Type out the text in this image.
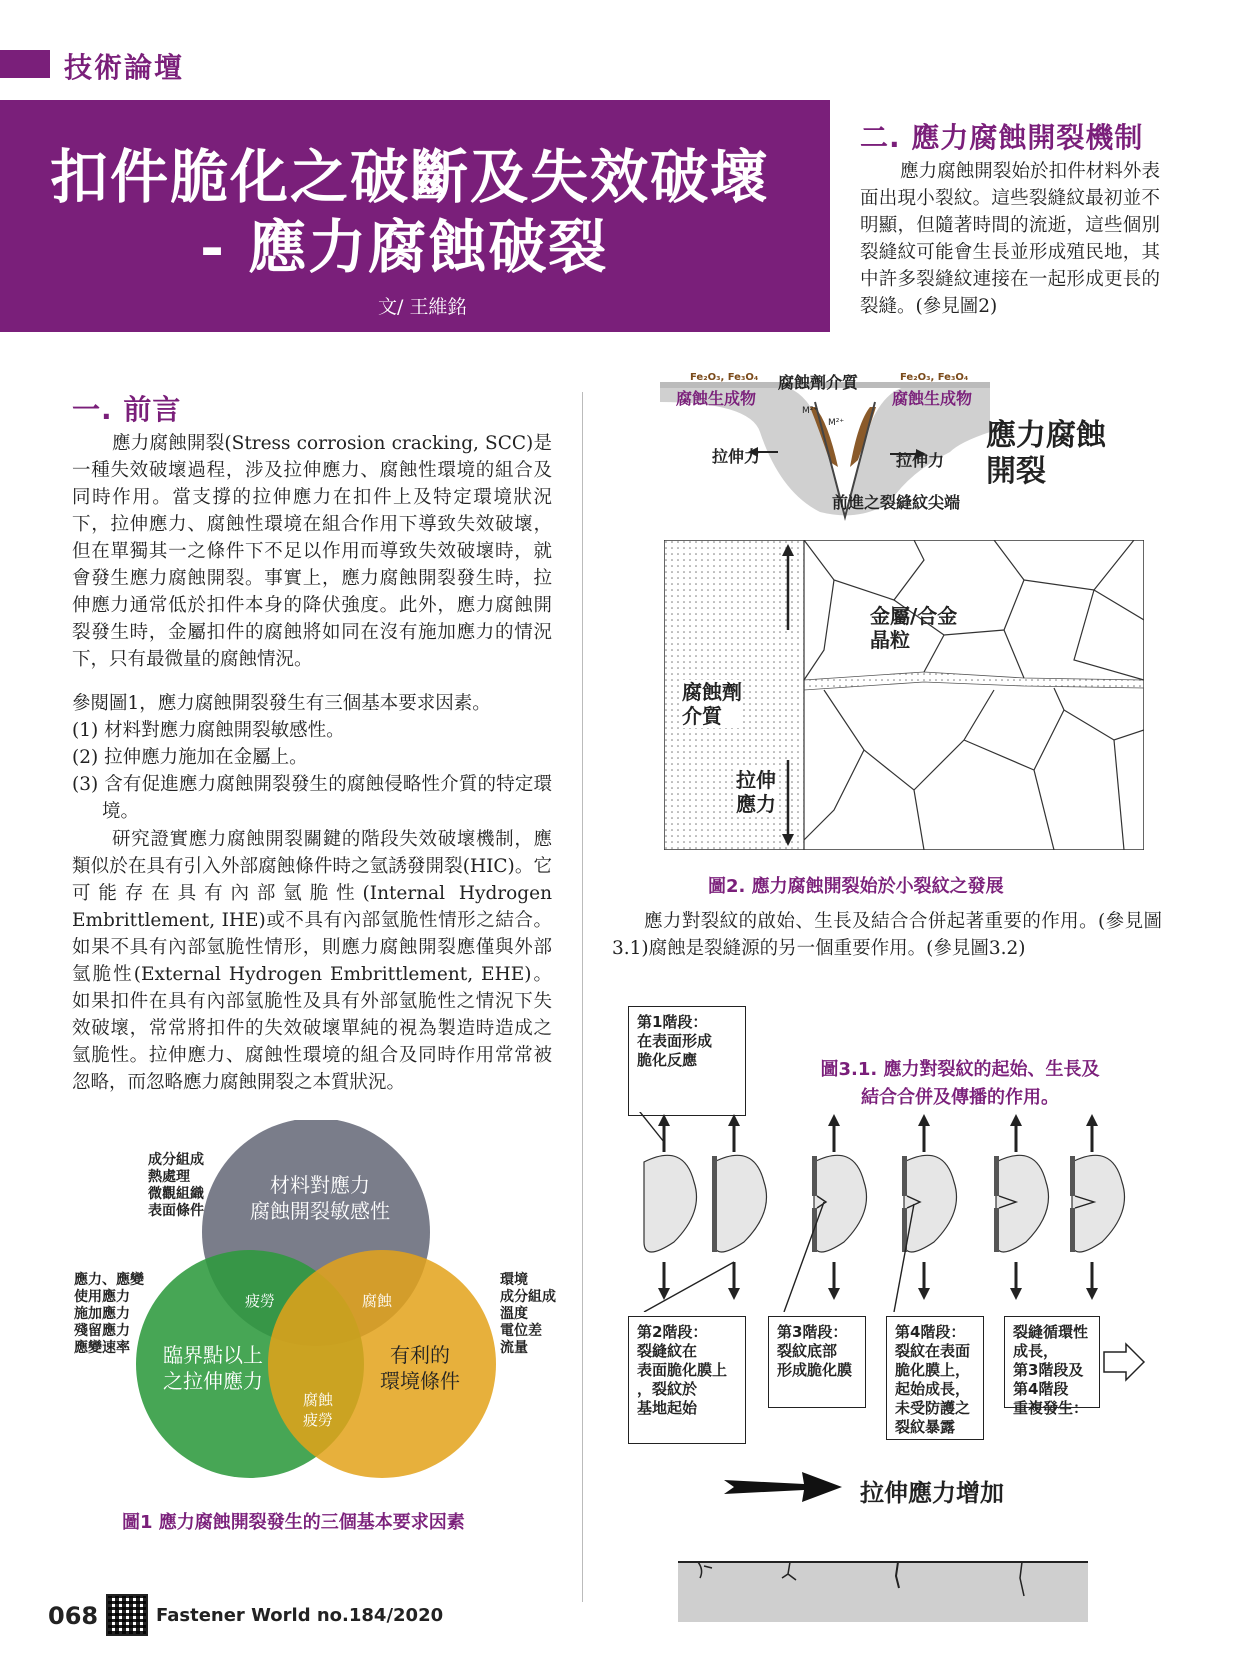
技術論壇
扣件脆化之破斷及失效破壞
- 應力腐蝕破裂
文/ 王維銘
二. 應力腐蝕開裂機制
應力腐蝕開裂始於扣件材料外表面出現小裂紋。這些裂縫紋最初並不明顯，但隨著時間的流逝，這些個別裂縫紋可能會生長並形成殖民地，其中許多裂縫紋連接在一起形成更長的裂縫。(參見圖2)
一. 前言
應力腐蝕開裂(Stress corrosion cracking, SCC)是一種失效破壞過程，涉及拉伸應力、腐蝕性環境的組合及同時作用。當支撐的拉伸應力在扣件上及特定環境狀況下，拉伸應力、腐蝕性環境在組合作用下導致失效破壞，但在單獨其一之條件下不足以作用而導致失效破壞時，就會發生應力腐蝕開裂。事實上，應力腐蝕開裂發生時，拉伸應力通常低於扣件本身的降伏強度。此外，應力腐蝕開裂發生時，金屬扣件的腐蝕將如同在沒有施加應力的情況下，只有最微量的腐蝕情況。
參閱圖1，應力腐蝕開裂發生有三個基本要求因素。
(1) 材料對應力腐蝕開裂敏感性。
(2) 拉伸應力施加在金屬上。
(3) 含有促進應力腐蝕開裂發生的腐蝕侵略性介質的特定環境。
研究證實應力腐蝕開裂關鍵的階段失效破壞機制，應類似於在具有引入外部腐蝕條件時之氫誘發開裂(HIC)。它可能存在具有內部氫脆性(Internal Hydrogen Embrittlement, IHE)或不具有內部氫脆性情形之結合。如果不具有內部氫脆性情形，則應力腐蝕開裂應僅與外部氫脆性(External Hydrogen Embrittlement, EHE)。如果扣件在具有內部氫脆性及具有外部氫脆性之情況下失效破壞，常常將扣件的失效破壞單純的視為製造時造成之氫脆性。拉伸應力、腐蝕性環境的組合及同時作用常常被忽略，而忽略應力腐蝕開裂之本質狀況。
材料對應力
腐蝕開裂敏感性
臨界點以上
之拉伸應力
有利的
環境條件
疲勞	腐蝕
腐蝕
疲勞
成分組成
熱處理
微觀組織
表面條件
應力、應變
使用應力
施加應力
殘留應力
應變速率
環境
成分組成
溫度
電位差
流量
圖1 應力腐蝕開裂發生的三個基本要求因素
Fe₂O₃, Fe₃O₄
腐蝕生成物
腐蝕劑介質	Fe₂O₃, Fe₃O₄
腐蝕生成物
M²⁺
M²⁺
拉伸力	拉伸力
前進之裂縫紋尖端
應力腐蝕
開裂
金屬/合金
晶粒
腐蝕劑
介質
拉伸
應力
圖2. 應力腐蝕開裂始於小裂紋之發展
應力對裂紋的啟始、生長及結合合併起著重要的作用。(參見圖3.1)腐蝕是裂縫源的另一個重要作用。(參見圖3.2)
第1階段：
在表面形成
脆化反應	圖3.1. 應力對裂紋的起始、生長及
結合合併及傳播的作用。
第2階段：
裂縫紋在
表面脆化膜上
，裂紋於
基地起始
第3階段：
裂紋底部
形成脆化膜
第4階段：
裂紋在表面
脆化膜上，
起始成長，
未受防護之
裂紋暴露
裂縫循環性
成長，
第3階段及
第4階段
重複發生：
拉伸應力增加
068	Fastener World no.184/2020
